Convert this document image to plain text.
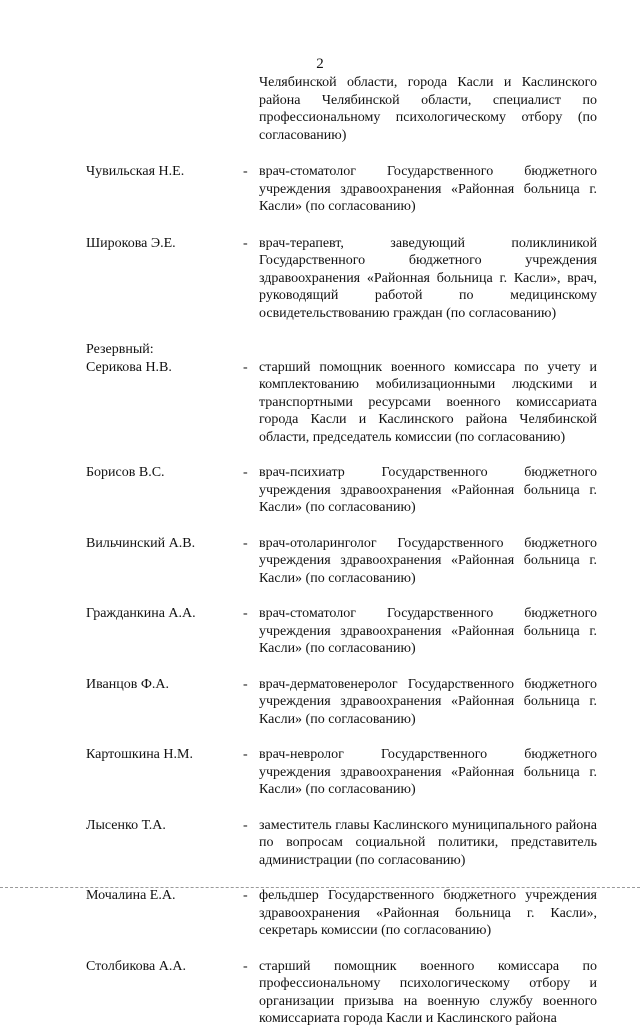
2
Челябинской области, города Касли и Каслинского района Челябинской области, специалист по профессиональному психологическому отбору (по согласованию)
Чувильская Н.Е.	- врач-стоматолог Государственного бюджетного учреждения здравоохранения «Районная больница г. Касли» (по согласованию)
Широкова Э.Е.	- врач-терапевт, заведующий поликлиникой Государственного бюджетного учреждения здравоохранения «Районная больница г. Касли», врач, руководящий работой по медицинскому освидетельствованию граждан (по согласованию)
Резервный:
Серикова Н.В.	- старший помощник военного комиссара по учету и комплектованию мобилизационными людскими и транспортными ресурсами военного комиссариата города Касли и Каслинского района Челябинской области, председатель комиссии (по согласованию)
Борисов В.С.	- врач-психиатр Государственного бюджетного учреждения здравоохранения «Районная больница г. Касли» (по согласованию)
Вильчинский А.В.	- врач-отоларинголог Государственного бюджетного учреждения здравоохранения «Районная больница г. Касли» (по согласованию)
Гражданкина А.А.	- врач-стоматолог Государственного бюджетного учреждения здравоохранения «Районная больница г. Касли» (по согласованию)
Иванцов Ф.А.	- врач-дерматовенеролог Государственного бюджетного учреждения здравоохранения «Районная больница г. Касли» (по согласованию)
Картошкина Н.М.	- врач-невролог Государственного бюджетного учреждения здравоохранения «Районная больница г. Касли» (по согласованию)
Лысенко Т.А.	- заместитель главы Каслинского муниципального района по вопросам социальной политики, представитель администрации (по согласованию)
Мочалина Е.А.	- фельдшер Государственного бюджетного учреждения здравоохранения «Районная больница г. Касли», секретарь комиссии (по согласованию)
Столбикова А.А.	- старший помощник военного комиссара по профессиональному психологическому отбору и организации призыва на военную службу военного комиссариата города Касли и Каслинского района
